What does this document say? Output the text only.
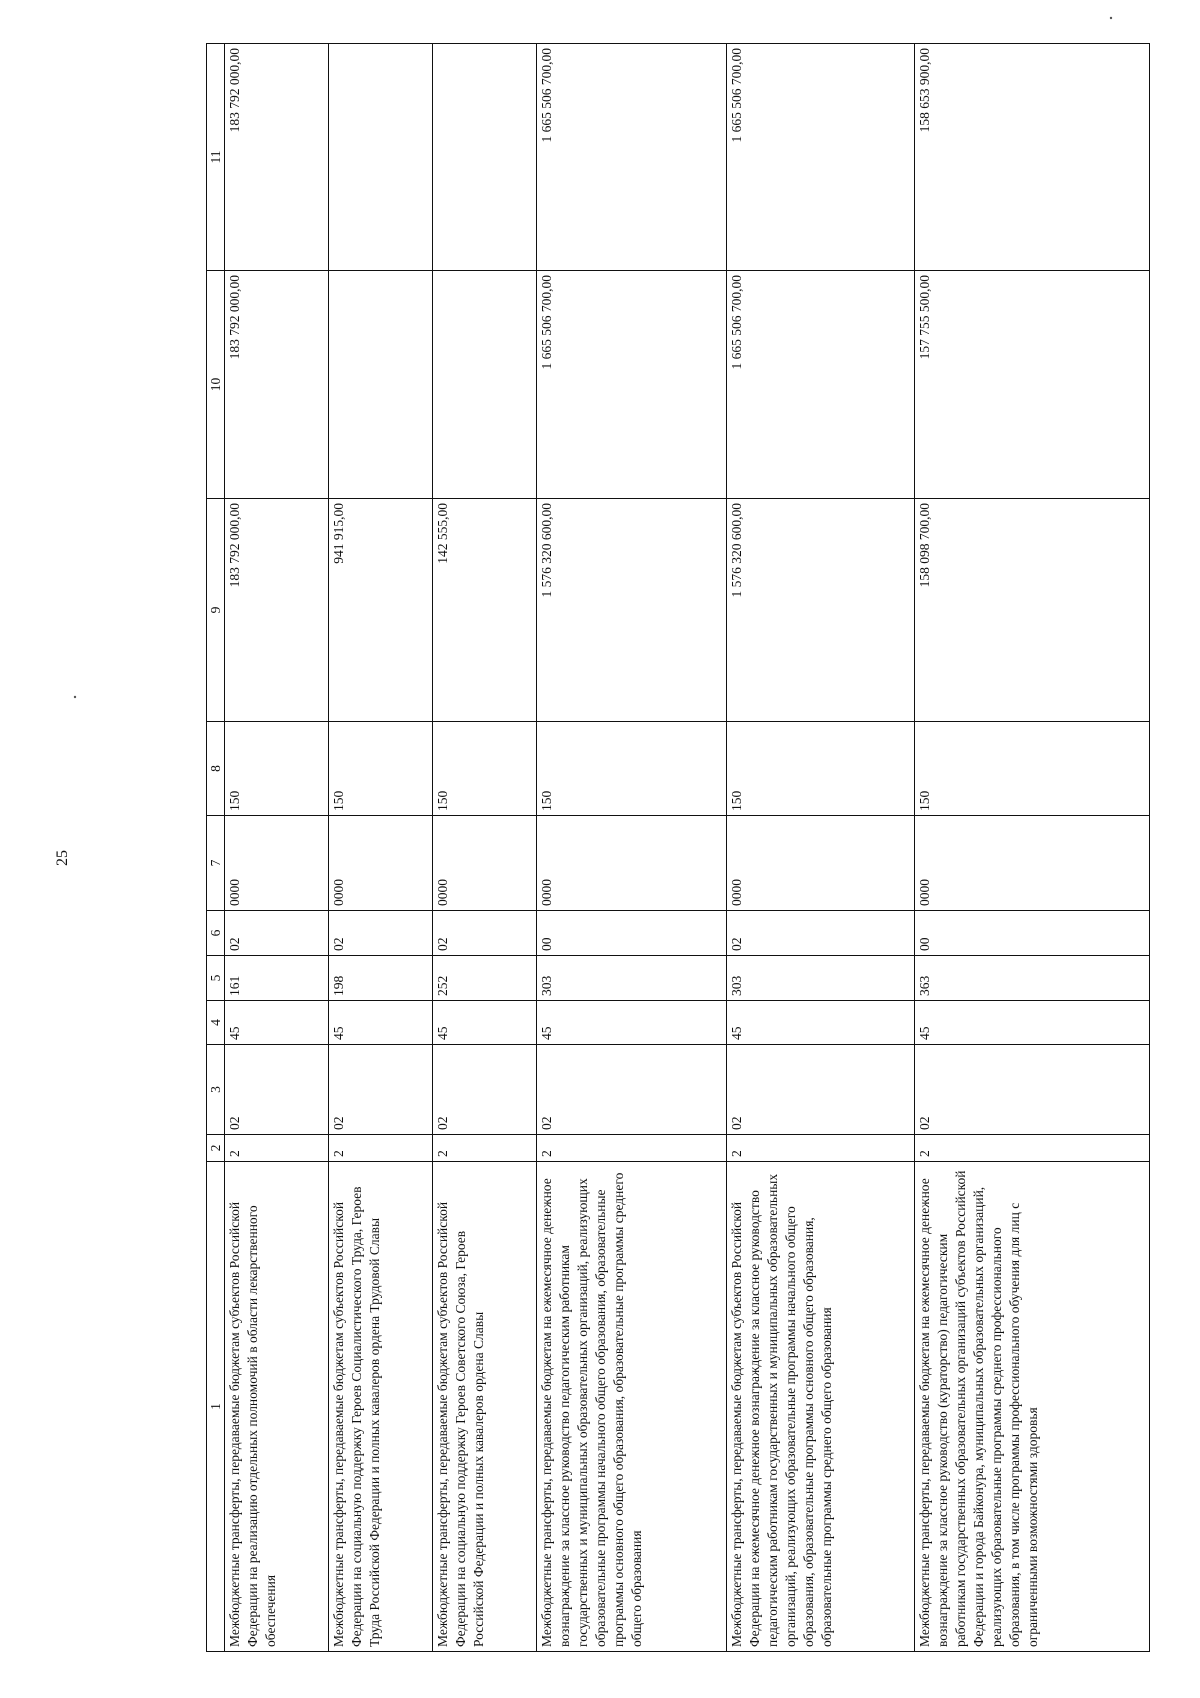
25
1	2	3	4	5	6	7	8	9	10	11
Межбюджетные трансферты, передаваемые бюджетам субъектов Российской Федерации на реализацию отдельных полномочий в области лекарственного обеспечения	2	02	45	161	02	0000	150	183 792 000,00	183 792 000,00	183 792 000,00
Межбюджетные трансферты, передаваемые бюджетам субъектов Российской Федерации на социальную поддержку Героев Социалистического Труда, Героев Труда Российской Федерации и полных кавалеров ордена Трудовой Славы	2	02	45	198	02	0000	150	941 915,00		
Межбюджетные трансферты, передаваемые бюджетам субъектов Российской Федерации на социальную поддержку Героев Советского Союза, Героев Российской Федерации и полных кавалеров ордена Славы	2	02	45	252	02	0000	150	142 555,00		
Межбюджетные трансферты, передаваемые бюджетам на ежемесячное денежное вознаграждение за классное руководство педагогическим работникам государственных и муниципальных образовательных организаций, реализующих образовательные программы начального общего образования, образовательные программы основного общего образования, образовательные программы среднего общего образования	2	02	45	303	00	0000	150	1 576 320 600,00	1 665 506 700,00	1 665 506 700,00
Межбюджетные трансферты, передаваемые бюджетам субъектов Российской Федерации на ежемесячное денежное вознаграждение за классное руководство педагогическим работникам государственных и муниципальных образовательных организаций, реализующих образовательные программы начального общего образования, образовательные программы основного общего образования, образовательные программы среднего общего образования	2	02	45	303	02	0000	150	1 576 320 600,00	1 665 506 700,00	1 665 506 700,00
Межбюджетные трансферты, передаваемые бюджетам на ежемесячное денежное вознаграждение за классное руководство (кураторство) педагогическим работникам государственных образовательных организаций субъектов Российской Федерации и города Байконура, муниципальных образовательных организаций, реализующих образовательные программы среднего профессионального образования, в том числе программы профессионального обучения для лиц с ограниченными возможностями здоровья	2	02	45	363	00	0000	150	158 098 700,00	157 755 500,00	158 653 900,00
